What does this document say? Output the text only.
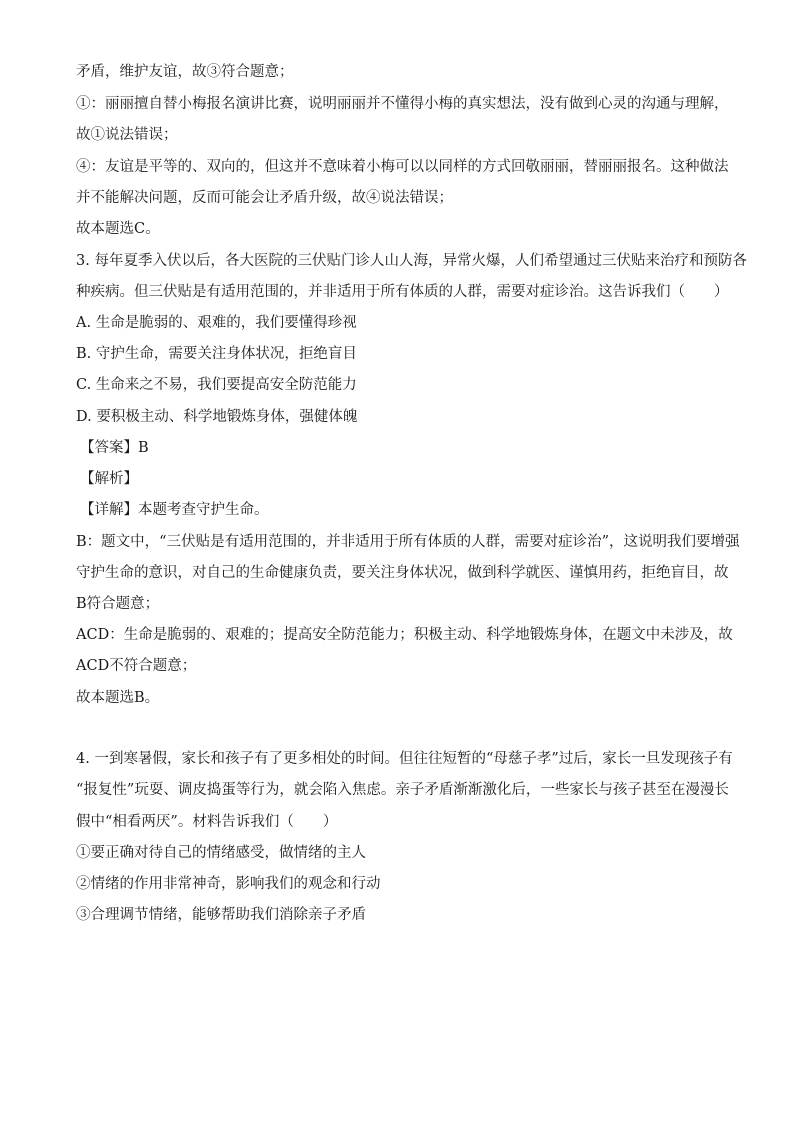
矛盾，维护友谊，故③符合题意；
①：丽丽擅自替小梅报名演讲比赛，说明丽丽并不懂得小梅的真实想法，没有做到心灵的沟通与理解，
故①说法错误；
④：友谊是平等的、双向的，但这并不意味着小梅可以以同样的方式回敬丽丽，替丽丽报名。这种做法
并不能解决问题，反而可能会让矛盾升级，故④说法错误；
故本题选C。
3. 每年夏季入伏以后，各大医院的三伏贴门诊人山人海，异常火爆，人们希望通过三伏贴来治疗和预防各
种疾病。但三伏贴是有适用范围的，并非适用于所有体质的人群，需要对症诊治。这告诉我们（　　）
A. 生命是脆弱的、艰难的，我们要懂得珍视
B. 守护生命，需要关注身体状况，拒绝盲目
C. 生命来之不易，我们要提高安全防范能力
D. 要积极主动、科学地锻炼身体，强健体魄
【答案】B
【解析】
【详解】本题考查守护生命。
B：题文中，“三伏贴是有适用范围的，并非适用于所有体质的人群，需要对症诊治”，这说明我们要增强
守护生命的意识，对自己的生命健康负责，要关注身体状况，做到科学就医、谨慎用药，拒绝盲目，故
B符合题意；
ACD：生命是脆弱的、艰难的；提高安全防范能力；积极主动、科学地锻炼身体，在题文中未涉及，故
ACD不符合题意；
故本题选B。
4. 一到寒暑假，家长和孩子有了更多相处的时间。但往往短暂的“母慈子孝”过后，家长一旦发现孩子有
“报复性”玩耍、调皮捣蛋等行为，就会陷入焦虑。亲子矛盾渐渐激化后，一些家长与孩子甚至在漫漫长
假中“相看两厌”。材料告诉我们（　　）
①要正确对待自己的情绪感受，做情绪的主人
②情绪的作用非常神奇，影响我们的观念和行动
③合理调节情绪，能够帮助我们消除亲子矛盾
